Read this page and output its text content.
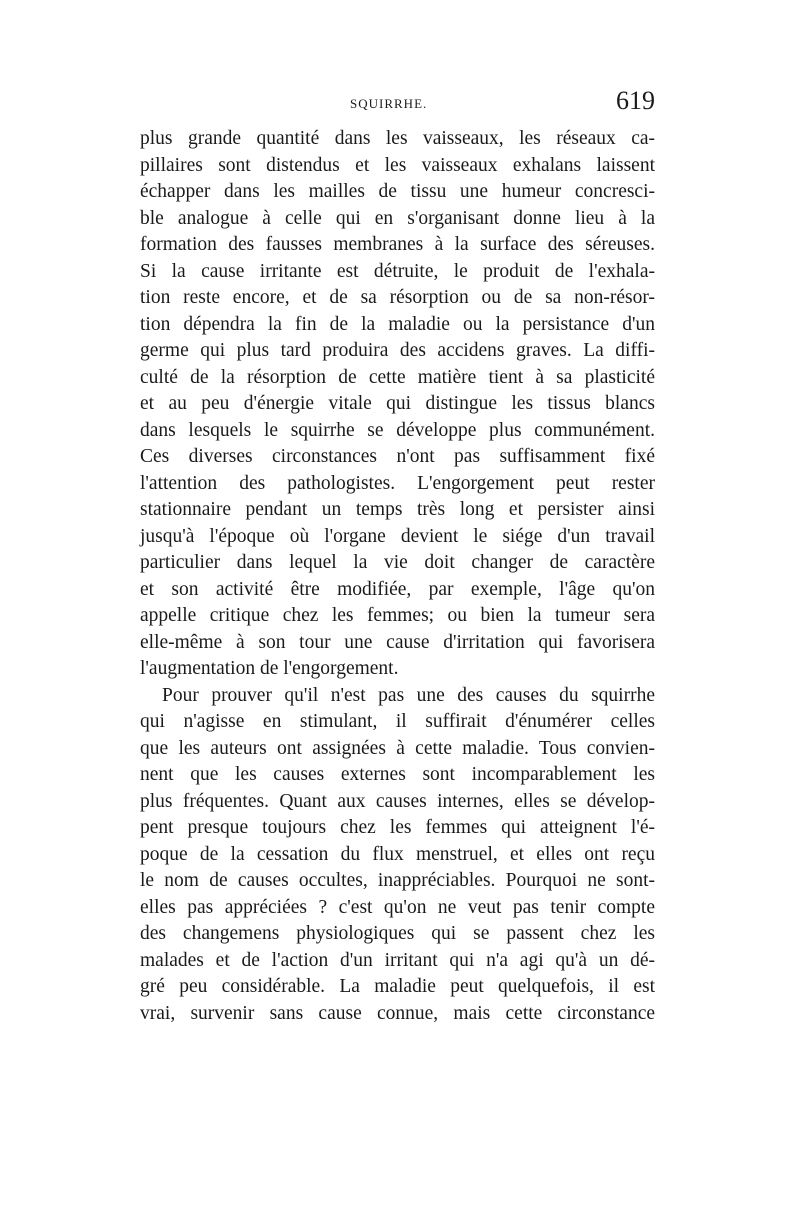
SQUIRRHE.	619
plus grande quantité dans les vaisseaux, les réseaux ca-
pillaires sont distendus et les vaisseaux exhalans laissent
échapper dans les mailles de tissu une humeur concresci-
ble analogue à celle qui en s'organisant donne lieu à la
formation des fausses membranes à la surface des séreuses.
Si la cause irritante est détruite, le produit de l'exhala-
tion reste encore, et de sa résorption ou de sa non-résor-
tion dépendra la fin de la maladie ou la persistance d'un
germe qui plus tard produira des accidens graves. La diffi-
culté de la résorption de cette matière tient à sa plasticité
et au peu d'énergie vitale qui distingue les tissus blancs
dans lesquels le squirrhe se développe plus communément.
Ces diverses circonstances n'ont pas suffisamment fixé
l'attention des pathologistes. L'engorgement peut rester
stationnaire pendant un temps très long et persister ainsi
jusqu'à l'époque où l'organe devient le siége d'un travail
particulier dans lequel la vie doit changer de caractère
et son activité être modifiée, par exemple, l'âge qu'on
appelle critique chez les femmes; ou bien la tumeur sera
elle-même à son tour une cause d'irritation qui favorisera
l'augmentation de l'engorgement.
Pour prouver qu'il n'est pas une des causes du squirrhe
qui n'agisse en stimulant, il suffirait d'énumérer celles
que les auteurs ont assignées à cette maladie. Tous convien-
nent que les causes externes sont incomparablement les
plus fréquentes. Quant aux causes internes, elles se dévelop-
pent presque toujours chez les femmes qui atteignent l'é-
poque de la cessation du flux menstruel, et elles ont reçu
le nom de causes occultes, inappréciables. Pourquoi ne sont-
elles pas appréciées ? c'est qu'on ne veut pas tenir compte
des changemens physiologiques qui se passent chez les
malades et de l'action d'un irritant qui n'a agi qu'à un dé-
gré peu considérable. La maladie peut quelquefois, il est
vrai, survenir sans cause connue, mais cette circonstance
